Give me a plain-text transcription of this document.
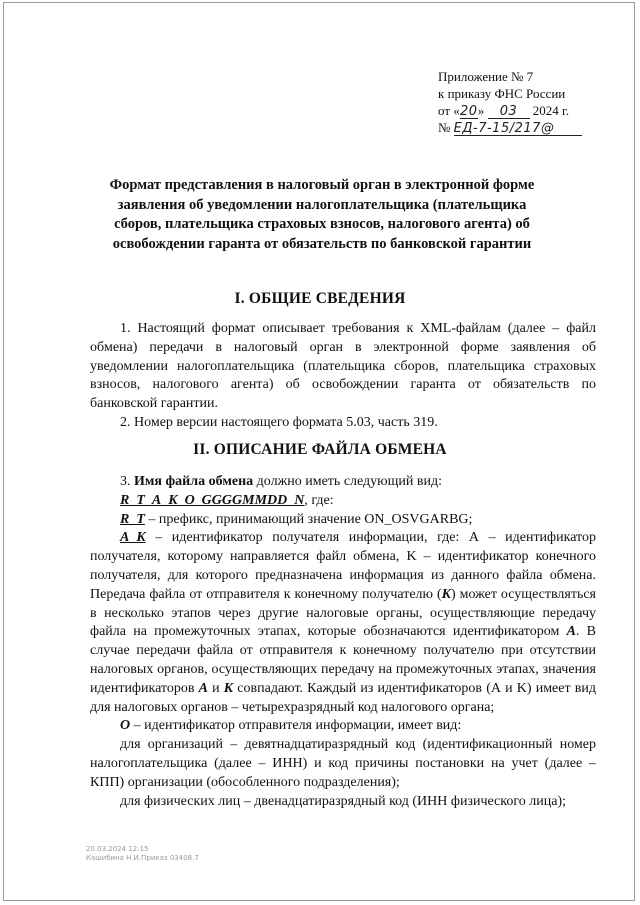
Приложение № 7
к приказу ФНС России
от «20» 03 2024 г.
№ ЕД-7-15/217@
Формат представления в налоговый орган в электронной форме заявления об уведомлении налогоплательщика (плательщика сборов, плательщика страховых взносов, налогового агента) об освобождении гаранта от обязательств по банковской гарантии
I. ОБЩИЕ СВЕДЕНИЯ

1. Настоящий формат описывает требования к XML-файлам (далее – файл обмена) передачи в налоговый орган в электронной форме заявления об уведомлении налогоплательщика (плательщика сборов, плательщика страховых взносов, налогового агента) об освобождении гаранта от обязательств по банковской гарантии.

2. Номер версии настоящего формата 5.03, часть 319.

II. ОПИСАНИЕ ФАЙЛА ОБМЕНА

3. Имя файла обмена должно иметь следующий вид:

R_T_A_K_O_GGGGMMDD_N, где:

R_T – префикс, принимающий значение ON_OSVGARBG;

A_K – идентификатор получателя информации, где: А – идентификатор получателя, которому направляется файл обмена, K – идентификатор конечного получателя, для которого предназначена информация из данного файла обмена. Передача файла от отправителя к конечному получателю (K) может осуществляться в несколько этапов через другие налоговые органы, осуществляющие передачу файла на промежуточных этапах, которые обозначаются идентификатором А. В случае передачи файла от отправителя к конечному получателю при отсутствии налоговых органов, осуществляющих передачу на промежуточных этапах, значения идентификаторов А и K совпадают. Каждый из идентификаторов (А и K) имеет вид для налоговых органов – четырехразрядный код налогового органа;

O – идентификатор отправителя информации, имеет вид:

для организаций – девятнадцатиразрядный код (идентификационный номер налогоплательщика (далее – ИНН) и код причины постановки на учет (далее – КПП) организации (обособленного подразделения);

для физических лиц – двенадцатиразрядный код (ИНН физического лица);

20.03.2024 12:15
Кашибина Н.И.Приказ 03408.7
